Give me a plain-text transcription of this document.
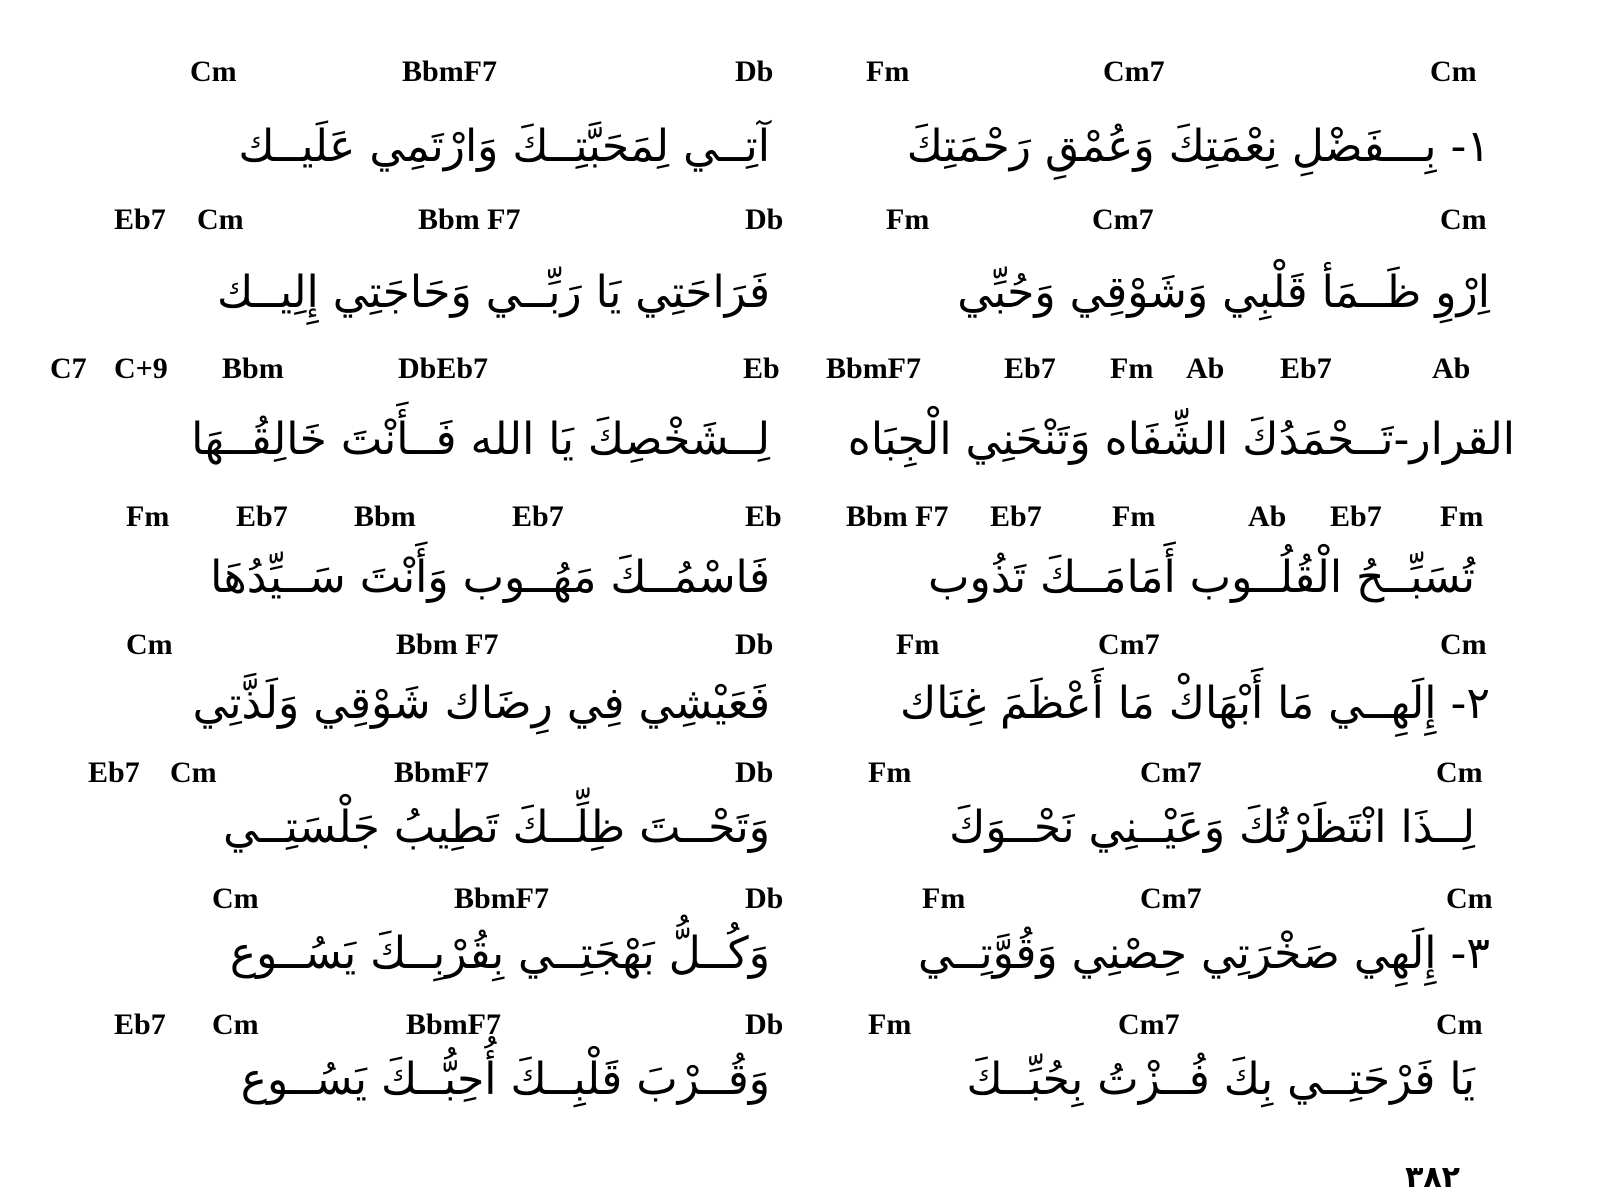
Cm	BbmF7	Db	Fm	Cm7	Cm
آتِــي لِمَحَبَّتِــكَ وَارْتَمِي عَلَيــك	١- بِـــفَضْلِ نِعْمَتِكَ وَعُمْقِ رَحْمَتِكَ
Eb7 Cm	Bbm F7	Db	Fm	Cm7	Cm
فَرَاحَتِي يَا رَبِّــي وَحَاجَتِي إِلِيــك	اِرْوِ ظَــمَأ قَلْبِي وَشَوْقِي وَحُبِّي
C7 C+9 Bbm	DbEb7	Eb BbmF7	Eb7 Fm Ab Eb7	Ab
لِــشَخْصِكَ يَا الله فَــأَنْتَ خَالِقُــهَا	القرار-تَــحْمَدُكَ الشِّفَاه وَتَنْحَنِي الْجِبَاه
Fm Eb7 Bbm	Eb7	Eb Bbm F7 Eb7 Fm	Ab Eb7 Fm
فَاسْمُــكَ مَهُــوب وَأَنْتَ سَــيِّدُهَا	تُسَبِّــحُ الْقُلُــوب أَمَامَــكَ تَذُوب
Cm	Bbm F7	Db	Fm	Cm7	Cm
فَعَيْشِي فِي رِضَاك شَوْقِي وَلَذَّتِي	٢- إِلَهِــي مَا أَبْهَاكْ مَا أَعْظَمَ غِنَاك
Eb7 Cm	BbmF7	Db	Fm	Cm7	Cm
وَتَحْــتَ ظِلِّــكَ تَطِيبُ جَلْسَتِــي	لِــذَا انْتَظَرْتُكَ وَعَيْــنِي نَحْــوَكَ
Cm	BbmF7	Db	Fm	Cm7	Cm
وَكُــلُّ بَهْجَتِــي بِقُرْبِــكَ يَسُــوع	٣- إِلَهِي صَخْرَتِي حِصْنِي وَقُوَّتِــي
Eb7 Cm	BbmF7	Db	Fm	Cm7	Cm
وَقُــرْبَ قَلْبِــكَ أُحِبُّــكَ يَسُــوع	يَا فَرْحَتِــي بِكَ فُــزْتُ بِحُبِّــكَ
٣٨٢
